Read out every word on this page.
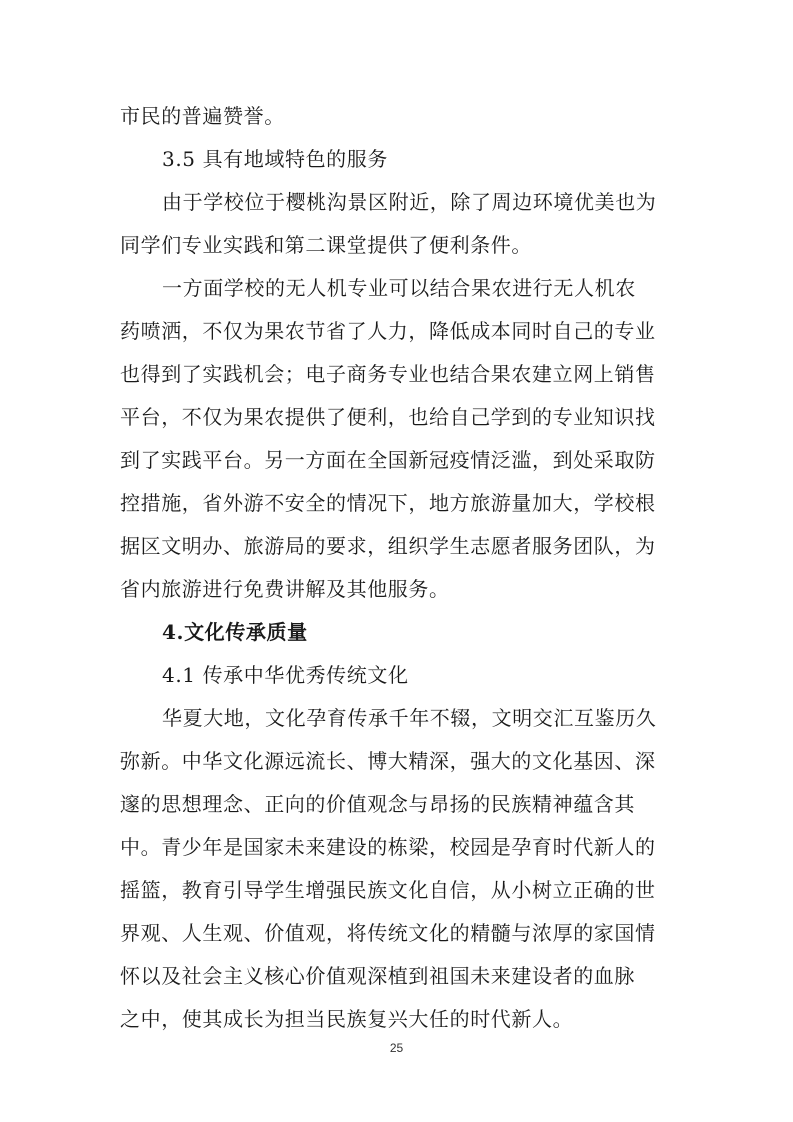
市民的普遍赞誉。
3.5 具有地域特色的服务
由于学校位于樱桃沟景区附近，除了周边环境优美也为
同学们专业实践和第二课堂提供了便利条件。
一方面学校的无人机专业可以结合果农进行无人机农
药喷洒，不仅为果农节省了人力，降低成本同时自己的专业
也得到了实践机会；电子商务专业也结合果农建立网上销售
平台，不仅为果农提供了便利，也给自己学到的专业知识找
到了实践平台。另一方面在全国新冠疫情泛滥，到处采取防
控措施，省外游不安全的情况下，地方旅游量加大，学校根
据区文明办、旅游局的要求，组织学生志愿者服务团队，为
省内旅游进行免费讲解及其他服务。
4.文化传承质量
4.1 传承中华优秀传统文化
华夏大地，文化孕育传承千年不辍，文明交汇互鉴历久
弥新。中华文化源远流长、博大精深，强大的文化基因、深
邃的思想理念、正向的价值观念与昂扬的民族精神蕴含其
中。青少年是国家未来建设的栋梁，校园是孕育时代新人的
摇篮，教育引导学生增强民族文化自信，从小树立正确的世
界观、人生观、价值观，将传统文化的精髓与浓厚的家国情
怀以及社会主义核心价值观深植到祖国未来建设者的血脉
之中，使其成长为担当民族复兴大任的时代新人。
25
